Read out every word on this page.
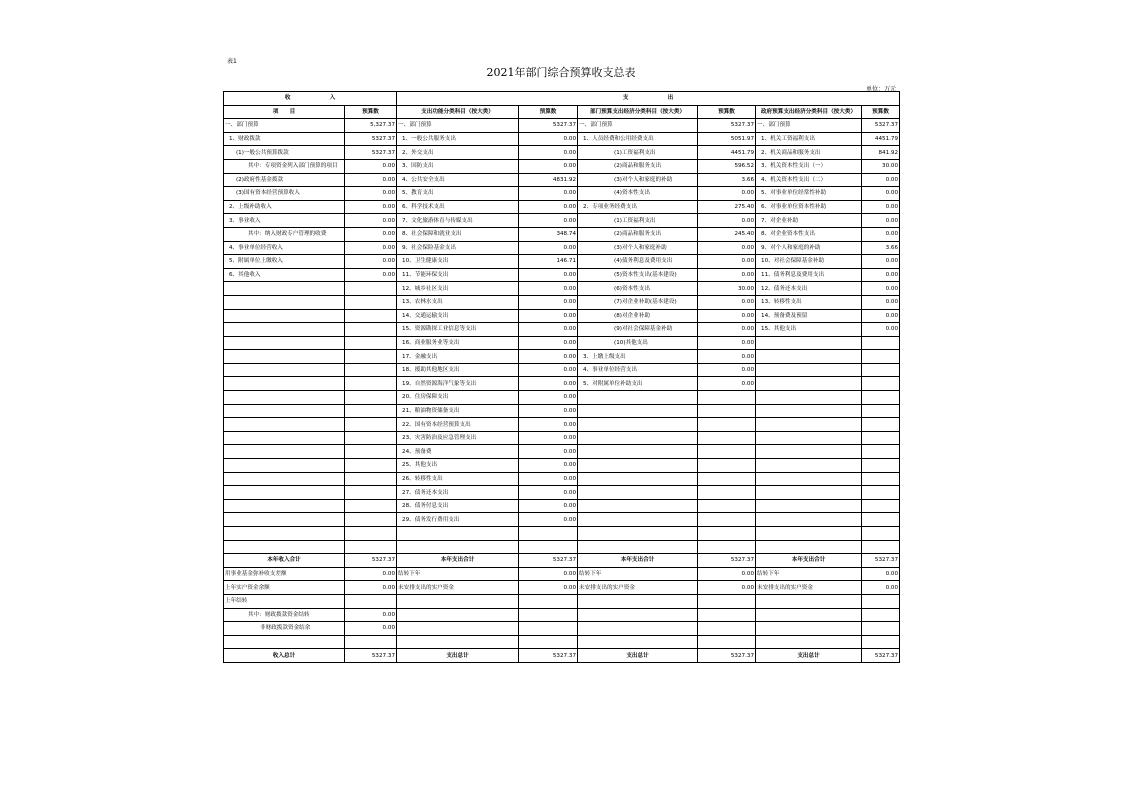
表1
2021年部门综合预算收支总表
单位：万元
收　　　　　　　入		支　　　　　　　出					
项　　目	预算数	支出功能分类科目（按大类）	预算数	部门预算支出经济分类科目（按大类）	预算数	政府预算支出经济分类科目（按大类）	预算数
一、部门预算	5,327.37	一、部门预算	5327.37	一、部门预算	5327.37	一、部门预算	5327.37
1、财政拨款	5327.37	1、一般公共服务支出	0.00	1、人员经费和公用经费支出	5051.97	1、机关工资福利支出	4451.79
(1)一般公共预算拨款	5327.37	2、外交支出	0.00	(1)工资福利支出	4451.79	2、机关商品和服务支出	841.92
其中：专项资金列入部门预算的项目	0.00	3、国防支出	0.00	(2)商品和服务支出	596.52	3、机关资本性支出（一）	30.00
(2)政府性基金拨款	0.00	4、公共安全支出	4831.92	(3)对个人和家庭的补助	3.66	4、机关资本性支出（二）	0.00
(3)国有资本经营预算收入	0.00	5、教育支出	0.00	(4)资本性支出	0.00	5、对事业单位经常性补助	0.00
2、上级补助收入	0.00	6、科学技术支出	0.00	2、专项业务经费支出	275.40	6、对事业单位资本性补助	0.00
3、事业收入	0.00	7、文化旅游体育与传媒支出	0.00	(1)工资福利支出	0.00	7、对企业补助	0.00
其中：纳入财政专户管理的收费	0.00	8、社会保障和就业支出	348.74	(2)商品和服务支出	245.40	8、对企业资本性支出	0.00
4、事业单位经营收入	0.00	9、社会保险基金支出	0.00	(3)对个人和家庭补助	0.00	9、对个人和家庭的补助	3.66
5、附属单位上缴收入	0.00	10、卫生健康支出	146.71	(4)债务利息及费用支出	0.00	10、对社会保障基金补助	0.00
6、其他收入	0.00	11、节能环保支出	0.00	(5)资本性支出(基本建设)	0.00	11、债务利息及费用支出	0.00
		12、城乡社区支出	0.00	(6)资本性支出	30.00	12、债务还本支出	0.00
		13、农林水支出	0.00	(7)对企业补助(基本建设)	0.00	13、转移性支出	0.00
		14、交通运输支出	0.00	(8)对企业补助	0.00	14、预备费及预留	0.00
		15、资源勘探工业信息等支出	0.00	(9)对社会保障基金补助	0.00	15、其他支出	0.00
		16、商业服务业等支出	0.00	(10)其他支出	0.00		
		17、金融支出	0.00	3、上缴上级支出	0.00		
		18、援助其他地区支出	0.00	4、事业单位经营支出	0.00		
		19、自然资源海洋气象等支出	0.00	5、对附属单位补助支出	0.00		
		20、住房保障支出	0.00				
		21、粮油物资储备支出	0.00				
		22、国有资本经营预算支出	0.00				
		23、灾害防治及应急管理支出	0.00				
		24、预备费	0.00				
		25、其他支出	0.00				
		26、转移性支出	0.00				
		27、债务还本支出	0.00				
		28、债务付息支出	0.00				
		29、债务发行费用支出	0.00				

本年收入合计	5327.37	本年支出合计	5327.37	本年支出合计	5327.37	本年支出合计	5327.37
用事业基金弥补收支差额	0.00	结转下年	0.00	结转下年	0.00	结转下年	0.00
上年实户资金余额	0.00	未安排支出的实户资金	0.00	未安排支出的实户资金	0.00	未安排支出的实户资金	0.00
上年结转							
其中：财政拨款资金结转	0.00						
非财政拨款资金结余	0.00						

收入总计	5327.37	支出总计	5327.37	支出总计	5327.37	支出总计	5327.37
